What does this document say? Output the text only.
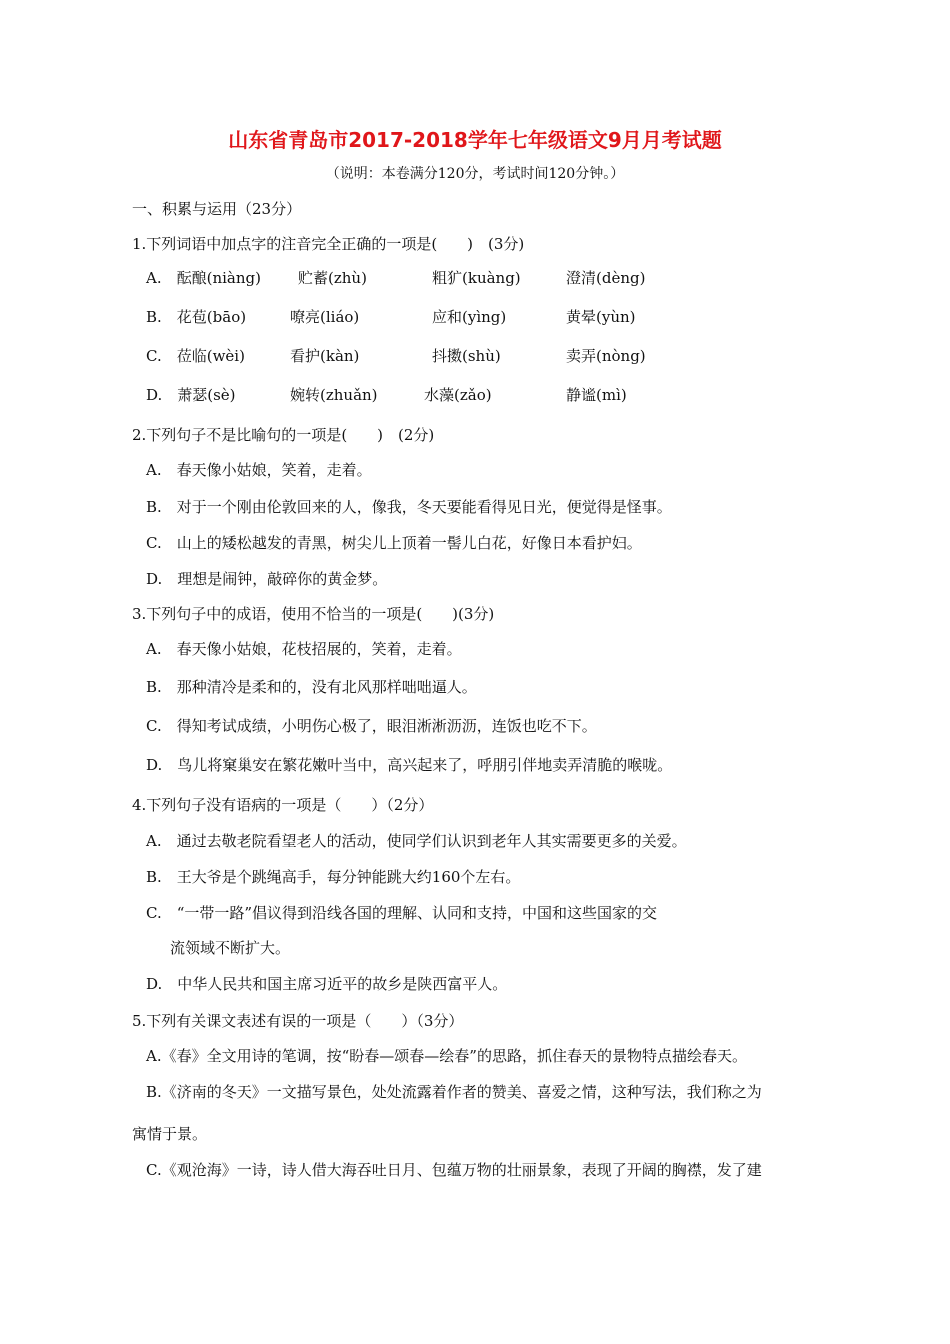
山东省青岛市2017-2018学年七年级语文9月月考试题
（说明：本卷满分120分，考试时间120分钟。）
一、积累与运用（23分）
1.下列词语中加点字的注音完全正确的一项是(　　)　(3分)
A.　酝酿(niàng) 贮蓄(zhù)	粗犷(kuàng)	澄清(dèng)
B.　花苞(bāo)	嘹亮(liáo)	应和(yìng)	黄晕(yùn)
C.　莅临(wèi)	看护(kàn)	抖擞(shù)	卖弄(nòng)
D.　萧瑟(sè)	婉转(zhuǎn)	水藻(zǎo)	静谧(mì)
2.下列句子不是比喻句的一项是(　　)　(2分)
A.　春天像小姑娘，笑着，走着。
B.　对于一个刚由伦敦回来的人，像我，冬天要能看得见日光，便觉得是怪事。
C.　山上的矮松越发的青黑，树尖儿上顶着一髻儿白花，好像日本看护妇。
D.　理想是闹钟，敲碎你的黄金梦。
3.下列句子中的成语，使用不恰当的一项是(　　)(3分)
A.　春天像小姑娘，花枝招展的，笑着，走着。
B.　那种清冷是柔和的，没有北风那样咄咄逼人。
C.　得知考试成绩，小明伤心极了，眼泪淅淅沥沥，连饭也吃不下。
D.　鸟儿将窠巢安在繁花嫩叶当中，高兴起来了，呼朋引伴地卖弄清脆的喉咙。
4.下列句子没有语病的一项是（　　）（2分）
A.　通过去敬老院看望老人的活动，使同学们认识到老年人其实需要更多的关爱。
B.　王大爷是个跳绳高手，每分钟能跳大约160个左右。
C.　“一带一路”倡议得到沿线各国的理解、认同和支持，中国和这些国家的交
流领域不断扩大。
D.　中华人民共和国主席习近平的故乡是陕西富平人。
5.下列有关课文表述有误的一项是（　　）（3分）
A.《春》全文用诗的笔调，按“盼春—颂春—绘春”的思路，抓住春天的景物特点描绘春天。
B.《济南的冬天》一文描写景色，处处流露着作者的赞美、喜爱之情，这种写法，我们称之为
寓情于景。
C.《观沧海》一诗，诗人借大海吞吐日月、包蕴万物的壮丽景象，表现了开阔的胸襟，发了建
